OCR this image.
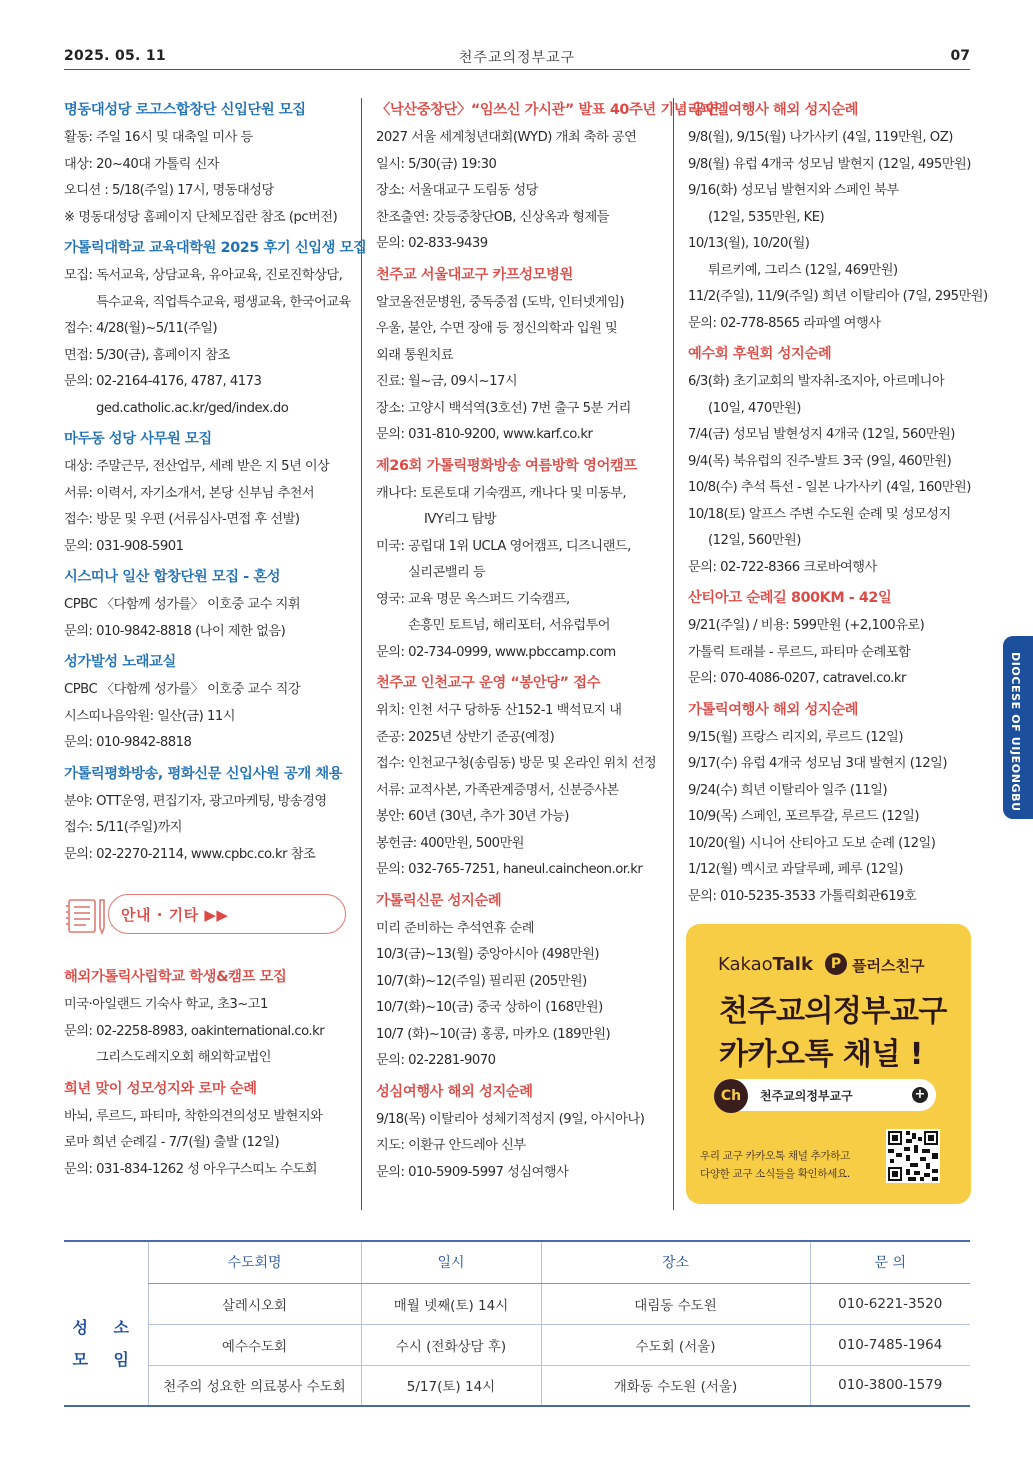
2025. 05. 11	천주교의정부교구	07
명동대성당 로고스합창단 신입단원 모집
활동: 주일 16시 및 대축일 미사 등
대상: 20~40대 가톨릭 신자
오디션 : 5/18(주일) 17시, 명동대성당
※ 명동대성당 홈페이지 단체모집란 참조 (pc버전)
가톨릭대학교 교육대학원 2025 후기 신입생 모집
모집: 독서교육, 상담교육, 유아교육, 진로진학상담,
특수교육, 직업특수교육, 평생교육, 한국어교육
접수: 4/28(월)~5/11(주일)
면접: 5/30(금), 홈페이지 참조
문의: 02-2164-4176, 4787, 4173
ged.catholic.ac.kr/ged/index.do
마두동 성당 사무원 모집
대상: 주말근무, 전산업무, 세례 받은 지 5년 이상
서류: 이력서, 자기소개서, 본당 신부님 추천서
접수: 방문 및 우편 (서류심사-면접 후 선발)
문의: 031-908-5901
시스띠나 일산 합창단원 모집 - 혼성
CPBC 〈다함께 성가를〉 이호중 교수 지휘
문의: 010-9842-8818 (나이 제한 없음)
성가발성 노래교실
CPBC 〈다함께 성가를〉 이호중 교수 직강
시스띠나음악원: 일산(금) 11시
문의: 010-9842-8818
가톨릭평화방송, 평화신문 신입사원 공개 채용
분야: OTT운영, 편집기자, 광고마케팅, 방송경영
접수: 5/11(주일)까지
문의: 02-2270-2114, www.cpbc.co.kr 참조
안내 · 기타 ▶▶
해외가톨릭사립학교 학생&캠프 모집
미국·아일랜드 기숙사 학교, 초3~고1
문의: 02-2258-8983, oakinternational.co.kr
그리스도레지오회 해외학교법인
희년 맞이 성모성지와 로마 순례
바뇌, 루르드, 파티마, 착한의견의성모 발현지와
로마 희년 순례길 - 7/7(월) 출발 (12일)
문의: 031-834-1262 성 아우구스띠노 수도회
〈낙산중창단〉“임쓰신 가시관” 발표 40주년 기념 공연
2027 서울 세계청년대회(WYD) 개최 축하 공연
일시: 5/30(금) 19:30
장소: 서울대교구 도림동 성당
찬조출연: 갓등중창단OB, 신상옥과 형제들
문의: 02-833-9439
천주교 서울대교구 카프성모병원
알코올전문병원, 중독중점 (도박, 인터넷게임)
우울, 불안, 수면 장애 등 정신의학과 입원 및
외래 통원치료
진료: 월~금, 09시~17시
장소: 고양시 백석역(3호선) 7번 출구 5분 거리
문의: 031-810-9200, www.karf.co.kr
제26회 가톨릭평화방송 여름방학 영어캠프
캐나다: 토론토대 기숙캠프, 캐나다 및 미동부,
IVY리그 탐방
미국: 공립대 1위 UCLA 영어캠프, 디즈니랜드,
실리콘밸리 등
영국: 교육 명문 옥스퍼드 기숙캠프,
손흥민 토트넘, 해리포터, 서유럽투어
문의: 02-734-0999, www.pbccamp.com
천주교 인천교구 운영 “봉안당” 접수
위치: 인천 서구 당하동 산152-1 백석묘지 내
준공: 2025년 상반기 준공(예정)
접수: 인천교구청(송림동) 방문 및 온라인 위치 선정
서류: 교적사본, 가족관계증명서, 신분증사본
봉안: 60년 (30년, 추가 30년 가능)
봉헌금: 400만원, 500만원
문의: 032-765-7251, haneul.caincheon.or.kr
가톨릭신문 성지순례
미리 준비하는 추석연휴 순례
10/3(금)~13(월) 중앙아시아 (498만원)
10/7(화)~12(주일) 필리핀 (205만원)
10/7(화)~10(금) 중국 상하이 (168만원)
10/7 (화)~10(금) 홍콩, 마카오 (189만원)
문의: 02-2281-9070
성심여행사 해외 성지순례
9/18(목) 이탈리아 성체기적성지 (9일, 아시아나)
지도: 이환규 안드레아 신부
문의: 010-5909-5997 성심여행사
라파엘여행사 해외 성지순례
9/8(월), 9/15(월) 나가사키 (4일, 119만원, OZ)
9/8(월) 유럽 4개국 성모님 발현지 (12일, 495만원)
9/16(화) 성모님 발현지와 스페인 북부
(12일, 535만원, KE)
10/13(월), 10/20(월)
튀르키예, 그리스 (12일, 469만원)
11/2(주일), 11/9(주일) 희년 이탈리아 (7일, 295만원)
문의: 02-778-8565 라파엘 여행사
예수회 후원회 성지순례
6/3(화) 초기교회의 발자취-조지아, 아르메니아
(10일, 470만원)
7/4(금) 성모님 발현성지 4개국 (12일, 560만원)
9/4(목) 북유럽의 진주-발트 3국 (9일, 460만원)
10/8(수) 추석 특선 - 일본 나가사키 (4일, 160만원)
10/18(토) 알프스 주변 수도원 순례 및 성모성지
(12일, 560만원)
문의: 02-722-8366 크로바여행사
산티아고 순례길 800KM - 42일
9/21(주일) / 비용: 599만원 (+2,100유로)
가톨릭 트래블 - 루르드, 파티마 순례포함
문의: 070-4086-0207, catravel.co.kr
가톨릭여행사 해외 성지순례
9/15(월) 프랑스 리지외, 루르드 (12일)
9/17(수) 유럽 4개국 성모님 3대 발현지 (12일)
9/24(수) 희년 이탈리아 일주 (11일)
10/9(목) 스페인, 포르투갈, 루르드 (12일)
10/20(월) 시니어 산티아고 도보 순례 (12일)
1/12(월) 멕시코 과달루페, 페루 (12일)
문의: 010-5235-3533 가톨릭회관619호
DIOCESE OF UIJEONGBU
KakaoTalk	P 플러스친구
천주교의정부교구
카카오톡 채널 !
천주교의정부교구	+
Ch
우리 교구 카카오톡 채널 추가하고
다양한 교구 소식들을 확인하세요.
	수도회명	일시	장소	문 의

성 소
모 임	살레시오회	매월 넷째(토) 14시	대림동 수도원	010-6221-3520
	예수수도회	수시 (전화상담 후)	수도회 (서울)	010-7485-1964
	천주의 성요한 의료봉사 수도회	5/17(토) 14시	개화동 수도원 (서울)	010-3800-1579
